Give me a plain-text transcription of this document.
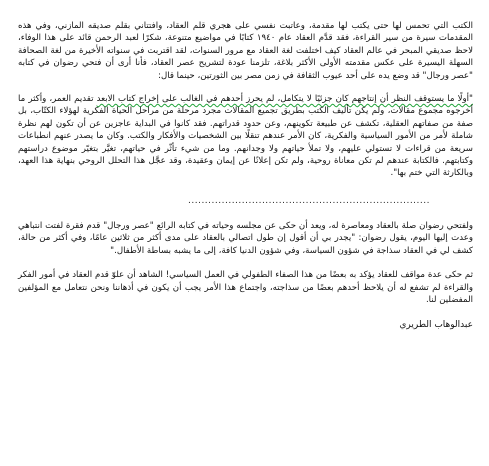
الكتب التي تحمس لها حتى يكتب لها مقدمة، وعاتبت نفسي على هجري قلم العقاد، وافتتاني بقلم صديقه المازني، وفي هذه المقدمات سيرة من سير القراءة، فقد قدَّم العقاد عام ١٩٤٠ كتابًا في مواضيع متنوعة، شكرًا لعبد الرحمن قائد على هذا الوفاء، لاحظ صديقي المبحر في عالم العقاد كيف اختلفت لغة العقاد مع مرور السنوات، لقد اقتربت في سنواته الأخيرة من لغة الصحافة السهلة اليسيرة على عكس مقدمته الأولى الأكثر بلاغة، تلزمنا عودة لتشريح عصر العقاد، فأنا أرى أن فتحي رضوان في كتابه "عصر ورجال" قد وضع يده على أحد عيوب الثقافة في زمن مصر بين الثورتين، حينما قال:

"أولًا ما يستوقف النظر أن إنتاجهم كان جزئيًا لا يتكامل، لم يحرز أحدهم في الغالب على إخراج كتاب الابعد تقديم العمر، وأكثر ما أخرجوه مجموع مقالات، ولم يكن تأليف الكتب بطريق تجميع المقالات مجرد مرحلة من مراحل الحياة الفكرية لهؤلاء الكتّاب، بل صفة من صفاتهم العقلية، تكشف عن طبيعة تكوينهم، وعن حدود قدراتهم. فقد كانوا في البداية عاجزين عن أن تكون لهم نظرة شاملة لأمر من الأمور السياسية والفكرية، كان الأمر عندهم تنقلًا بين الشخصيات والأفكار والكتب. وكان ما يصدر عنهم انطباعات سريعة من قراءات لا تستولي عليهم، ولا تملأ حياتهم ولا وجدانهم. وما من شيء تأثّر في حياتهم، تغيَّر بتغيّر موضوع دراستهم وكتابتهم. فالكتابة عندهم لم تكن معاناة روحية، ولم تكن إعلانًا عن إيمان وعقيدة، وقد عجَّل هذا التحلل الروحي بنهاية هذا العهد، وبالكارثة التي ختم بها".

........................................................................

ولفتحي رضوان صلة بالعقاد ومعاصرة له، ويعد أن حكى عن مجلسه وحياته في كتابه الرائع "عصر ورجال" قدم فقرة لفتت انتباهي وعدت إليها اليوم، يقول رضوان: "يجدر بي أن أقول إن طول اتصالي بالعقاد على مدى أكثر من ثلاثين عامًا، وفي أكثر من حالة، كشف لي في العقاد سذاجة في شؤون السياسة، وفي شؤون الدنيا كافة، إلى ما يشبه بساطة الأطفال."

ثم حكى عدة مواقف للعقاد يؤكد به بعضًا من هذا الصفاء الطفولي في العمل السياسي! الشاهد أن علوّ قدم العقاد في أمور الفكر والقراءة لم تشفع له أن يلاحظ أحدهم بعضًا من سذاجته، واجتماع هذا الأمر يجب أن يكون في أذهاننا ونحن نتعامل مع المؤلفين المفضلين لنا.

عبدالوهاب الطريري
